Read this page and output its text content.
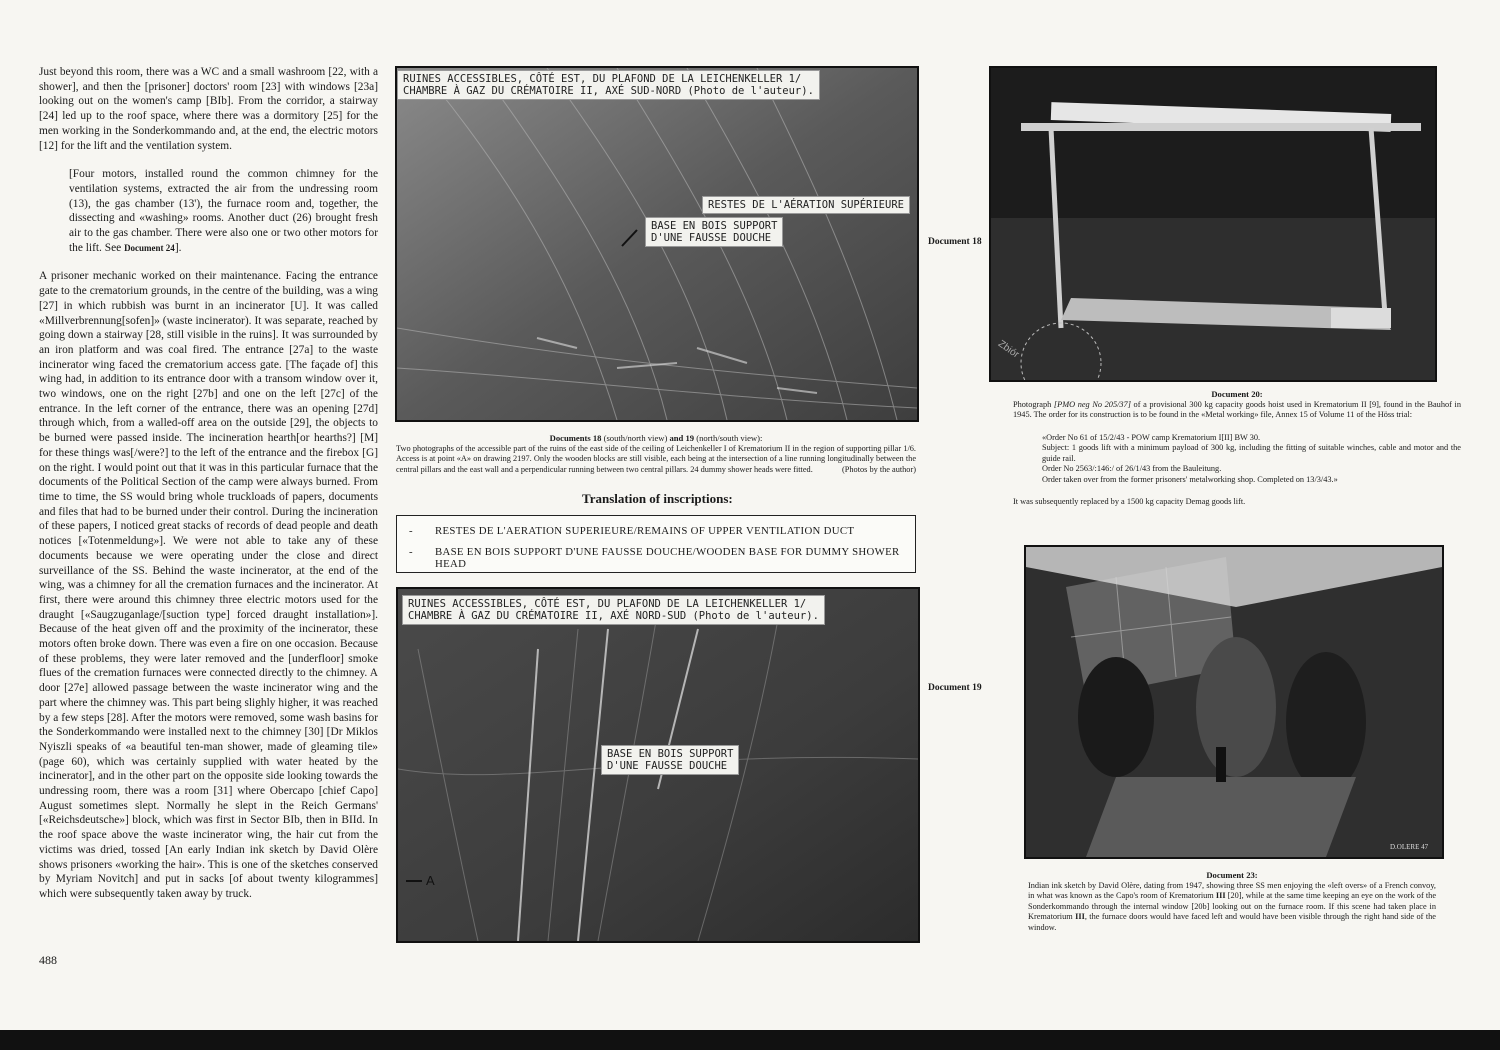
Just beyond this room, there was a WC and a small washroom [22, with a shower], and then the [prisoner] doctors' room [23] with windows [23a] looking out on the women's camp [BIb]. From the corridor, a stairway [24] led up to the roof space, where there was a dormitory [25] for the men working in the Sonderkommando and, at the end, the electric motors [12] for the lift and the ventilation system.

[Four motors, installed round the common chimney for the ventilation systems, extracted the air from the undressing room (13), the gas chamber (13'), the furnace room and, together, the dissecting and «washing» rooms. Another duct (26) brought fresh air to the gas chamber. There were also one or two other motors for the lift. See Document 24].

A prisoner mechanic worked on their maintenance. Facing the entrance gate to the crematorium grounds, in the centre of the building, was a wing [27] in which rubbish was burnt in an incinerator [U]. It was called «Millverbrennung[sofen]» (waste incinerator). It was separate, reached by going down a stairway [28, still visible in the ruins]. It was surrounded by an iron platform and was coal fired. The entrance [27a] to the waste incinerator wing faced the crematorium access gate. [The façade of] this wing had, in addition to its entrance door with a transom window over it, two windows, one on the right [27b] and one on the left [27c] of the entrance. In the left corner of the entrance, there was an opening [27d] through which, from a walled-off area on the outside [29], the objects to be burned were passed inside. The incineration hearth[or hearths?] [M] for these things was[/were?] to the left of the entrance and the firebox [G] on the right. I would point out that it was in this particular furnace that the documents of the Political Section of the camp were always burned. From time to time, the SS would bring whole truckloads of papers, documents and files that had to be burned under their control. During the incineration of these papers, I noticed great stacks of records of dead people and death notices [«Totenmeldung»]. We were not able to take any of these documents because we were operating under the close and direct surveillance of the SS. Behind the waste incinerator, at the end of the wing, was a chimney for all the cremation furnaces and the incinerator. At first, there were around this chimney three electric motors used for the draught [«Saugzuganlage/[suction type] forced draught installation»]. Because of the heat given off and the proximity of the incinerator, these motors often broke down. There was even a fire on one occasion. Because of these problems, they were later removed and the [underfloor] smoke flues of the cremation furnaces were connected directly to the chimney. A door [27e] allowed passage between the waste incinerator wing and the part where the chimney was. This part being slighly higher, it was reached by a few steps [28]. After the motors were removed, some wash basins for the Sonderkommando were installed next to the chimney [30] [Dr Miklos Nyiszli speaks of «a beautiful ten-man shower, made of gleaming tile» (page 60), which was certainly supplied with water heated by the incinerator], and in the other part on the opposite side looking towards the undressing room, there was a room [31] where Obercapo [chief Capo] August sometimes slept. Normally he slept in the Reich Germans' [«Reichsdeutsche»] block, which was first in Sector BIb, then in BIId. In the roof space above the waste incinerator wing, the hair cut from the victims was dried, tossed [An early Indian ink sketch by David Olère shows prisoners «working the hair». This is one of the sketches conserved by Myriam Novitch] and put in sacks [of about twenty kilogrammes] which were subsequently taken away by truck.

488
RUINES ACCESSIBLES, CÔTÉ EST, DU PLAFOND DE LA LEICHENKELLER 1/
CHAMBRE À GAZ DU CRÉMATOIRE II, AXÉ SUD-NORD (Photo de l'auteur).
RESTES DE L'AÉRATION SUPÉRIEURE
BASE EN BOIS SUPPORT
D'UNE FAUSSE DOUCHE
Documents 18 (south/north view) and 19 (north/south view):
Two photographs of the accessible part of the ruins of the east side of the ceiling of Leichenkeller I of Krematorium II in the region of supporting pillar 1/6. Access is at point «A» on drawing 2197. Only the wooden blocks are still visible, each being at the intersection of a line running longitudinally between the central pillars and the east wall and a perpendicular running between two central pillars. 24 dummy shower heads were fitted.	(Photos by the author)
Translation of inscriptions:
- RESTES DE L'AERATION SUPERIEURE/REMAINS OF UPPER VENTILATION DUCT
- BASE EN BOIS SUPPORT D'UNE FAUSSE DOUCHE/WOODEN BASE FOR DUMMY SHOWER HEAD
RUINES ACCESSIBLES, CÔTÉ EST, DU PLAFOND DE LA LEICHENKELLER 1/
CHAMBRE À GAZ DU CRÉMATOIRE II, AXÉ NORD-SUD (Photo de l'auteur).
BASE EN BOIS SUPPORT
D'UNE FAUSSE DOUCHE
A
Document 18
Document 19
Zbiór
Document 20:
Photograph [PMO neg No 205/37] of a provisional 300 kg capacity goods hoist used in Krematorium II [9], found in the Bauhof in 1945. The order for its construction is to be found in the «Metal working» file, Annex 15 of Volume 11 of the Höss trial:
«Order No 61 of 15/2/43 - POW camp Krematorium I[II] BW 30.
Subject: 1 goods lift with a minimum payload of 300 kg, including the fitting of suitable winches, cable and motor and the guide rail.
Order No 2563/:146:/ of 26/1/43 from the Bauleitung.
Order taken over from the former prisoners' metalworking shop. Completed on 13/3/43.»
It was subsequently replaced by a 1500 kg capacity Demag goods lift.
D.OLERE 47
Document 23:
Indian ink sketch by David Olère, dating from 1947, showing three SS men enjoying the «left overs» of a French convoy, in what was known as the Capo's room of Krematorium III [20], while at the same time keeping an eye on the work of the Sonderkommando through the internal window [20b] looking out on the furnace room. If this scene had taken place in Krematorium III, the furnace doors would have faced left and would have been visible through the right hand side of the window.
